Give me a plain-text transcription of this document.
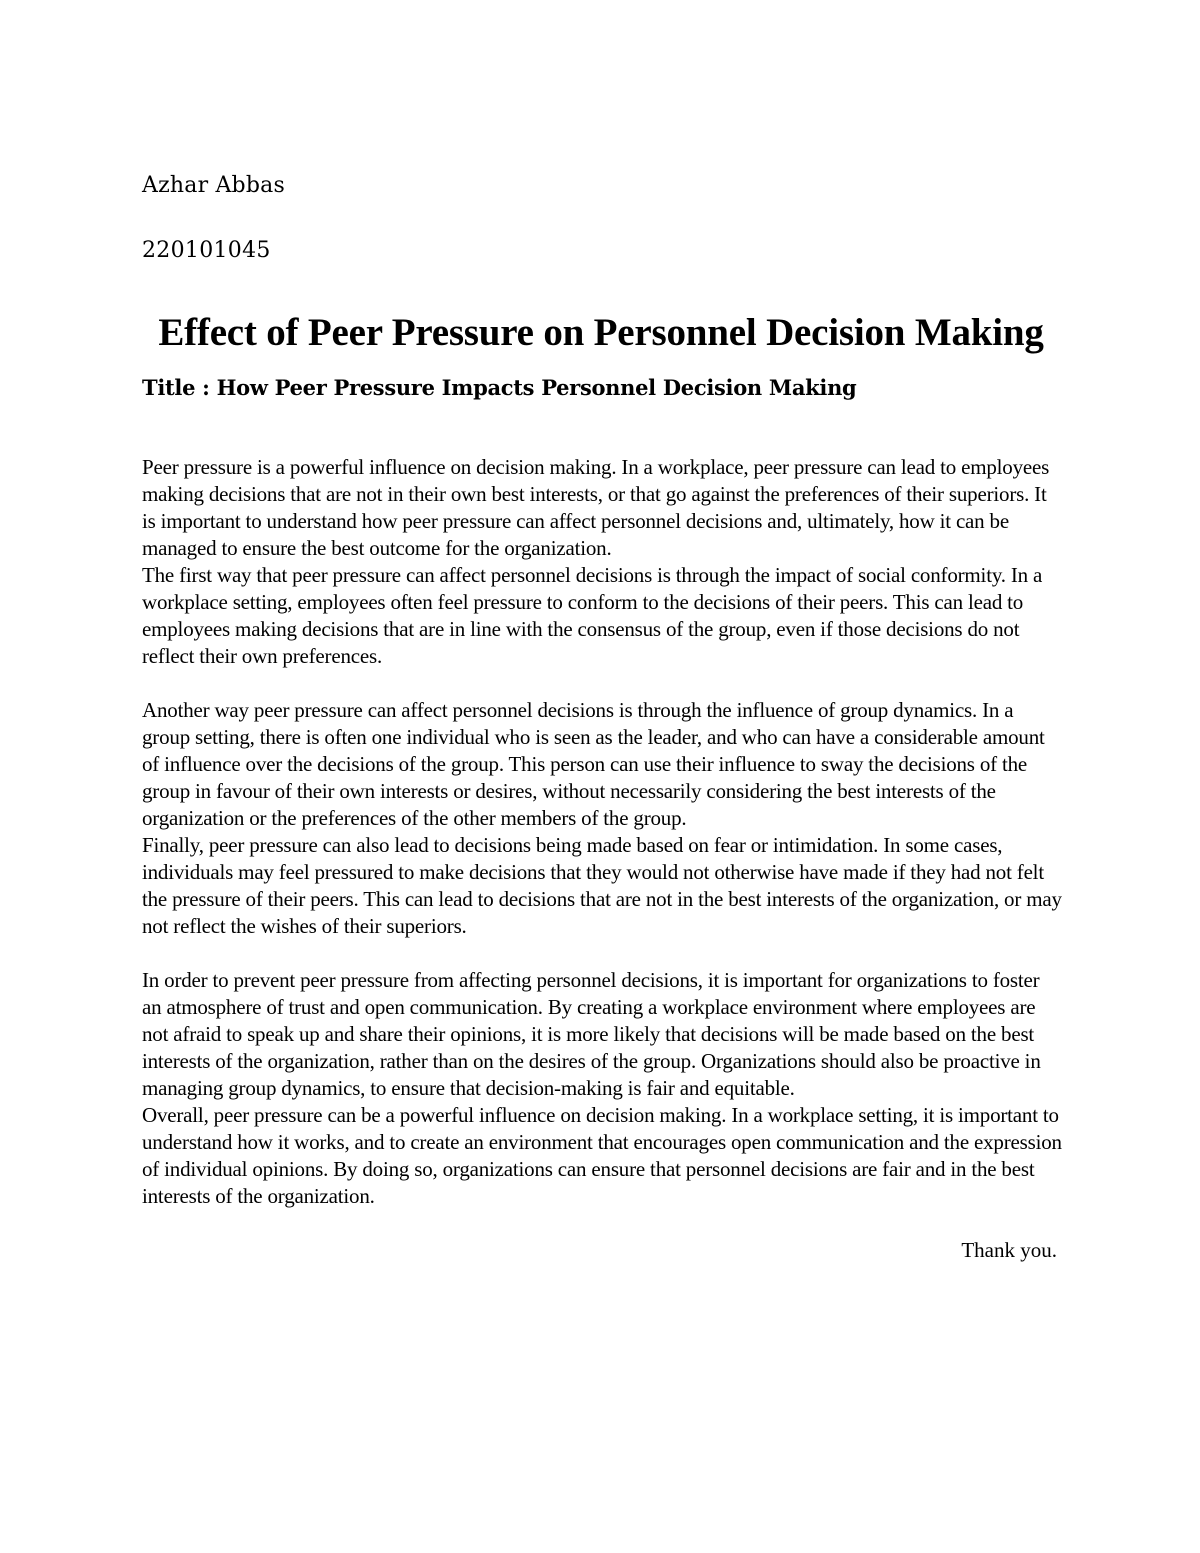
Azhar Abbas

220101045

Effect of Peer Pressure on Personnel Decision Making
Title : How Peer Pressure Impacts Personnel Decision Making

Peer pressure is a powerful influence on decision making. In a workplace, peer pressure can lead to employees making decisions that are not in their own best interests, or that go against the preferences of their superiors. It is important to understand how peer pressure can affect personnel decisions and, ultimately, how it can be managed to ensure the best outcome for the organization.

The first way that peer pressure can affect personnel decisions is through the impact of social conformity. In a workplace setting, employees often feel pressure to conform to the decisions of their peers. This can lead to employees making decisions that are in line with the consensus of the group, even if those decisions do not reflect their own preferences.

Another way peer pressure can affect personnel decisions is through the influence of group dynamics. In a group setting, there is often one individual who is seen as the leader, and who can have a considerable amount of influence over the decisions of the group. This person can use their influence to sway the decisions of the group in favour of their own interests or desires, without necessarily considering the best interests of the organization or the preferences of the other members of the group.

Finally, peer pressure can also lead to decisions being made based on fear or intimidation. In some cases, individuals may feel pressured to make decisions that they would not otherwise have made if they had not felt the pressure of their peers. This can lead to decisions that are not in the best interests of the organization, or may not reflect the wishes of their superiors.

In order to prevent peer pressure from affecting personnel decisions, it is important for organizations to foster an atmosphere of trust and open communication. By creating a workplace environment where employees are not afraid to speak up and share their opinions, it is more likely that decisions will be made based on the best interests of the organization, rather than on the desires of the group. Organizations should also be proactive in managing group dynamics, to ensure that decision-making is fair and equitable.

Overall, peer pressure can be a powerful influence on decision making. In a workplace setting, it is important to understand how it works, and to create an environment that encourages open communication and the expression of individual opinions. By doing so, organizations can ensure that personnel decisions are fair and in the best interests of the organization.

Thank you.
